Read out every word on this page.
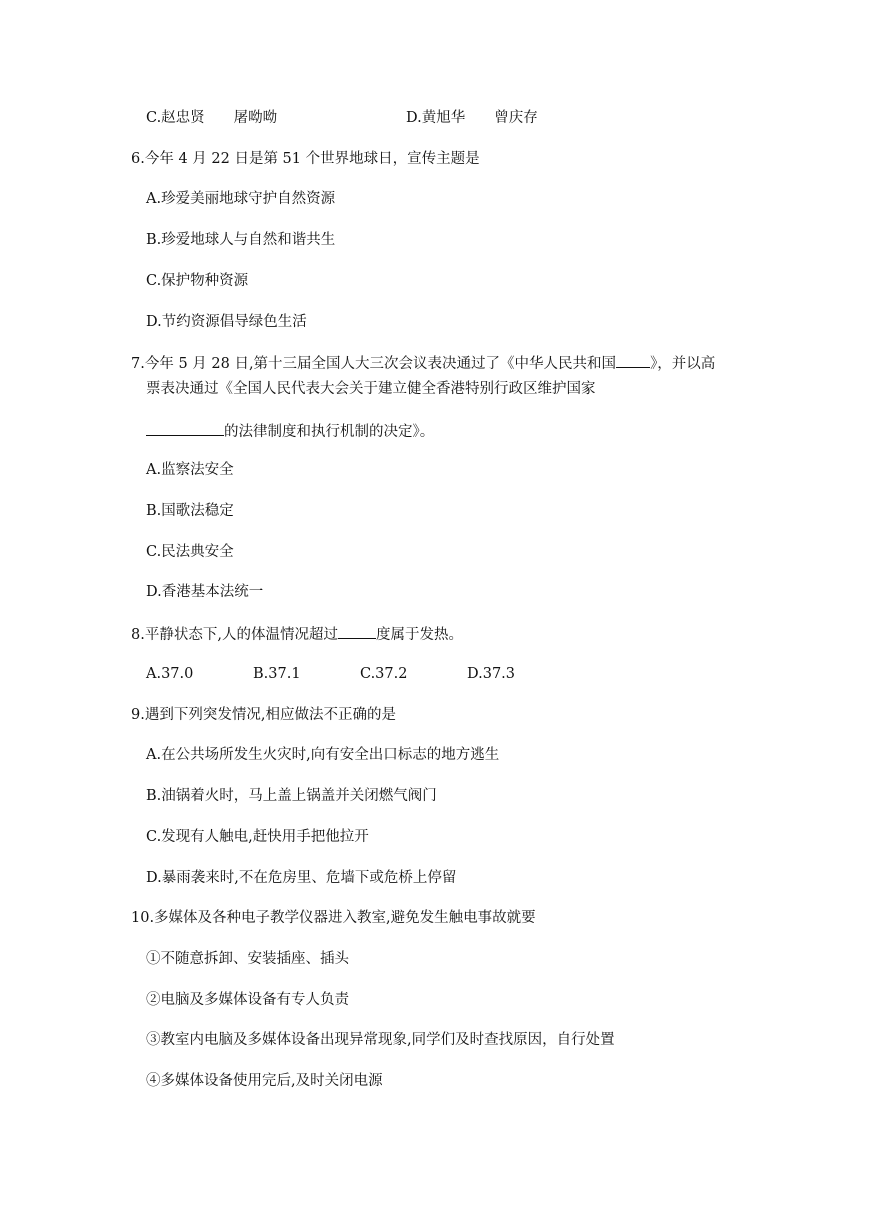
C.赵忠贤　　屠呦呦	D.黄旭华　　曾庆存
6.今年 4 月 22 日是第 51 个世界地球日，宣传主题是
A.珍爱美丽地球守护自然资源
B.珍爱地球人与自然和谐共生
C.保护物种资源
D.节约资源倡导绿色生活
7.今年 5 月 28 日,第十三届全国人大三次会议表决通过了《中华人民共和国 》，并以高
票表决通过《全国人民代表大会关于建立健全香港特别行政区维护国家
的法律制度和执行机制的决定》。
A.监察法安全
B.国歌法稳定
C.民法典安全
D.香港基本法统一
8.平静状态下,人的体温情况超过	度属于发热。
A.37.0	B.37.1	C.37.2	D.37.3
9.遇到下列突发情况,相应做法不正确的是
A.在公共场所发生火灾时,向有安全出口标志的地方逃生
B.油锅着火时，马上盖上锅盖并关闭燃气阀门
C.发现有人触电,赶快用手把他拉开
D.暴雨袭来时,不在危房里、危墙下或危桥上停留
10.多媒体及各种电子教学仪器进入教室,避免发生触电事故就要
①不随意拆卸、安装插座、插头
②电脑及多媒体设备有专人负责
③教室内电脑及多媒体设备出现异常现象,同学们及时查找原因，自行处置
④多媒体设备使用完后,及时关闭电源
